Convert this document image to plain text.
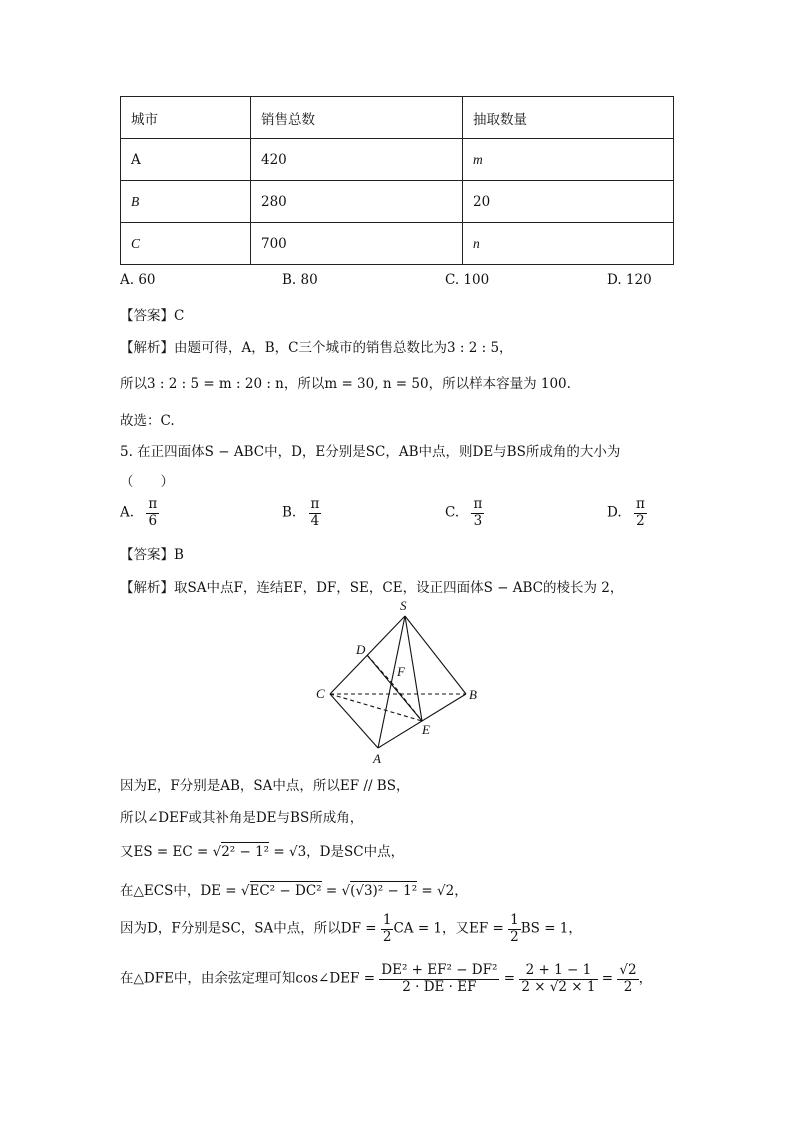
城市	销售总数	抽取数量
A	420	m
B	280	20
C	700	n
A. 60	B. 80	C. 100	D. 120
【答案】C
【解析】由题可得，A，B，C三个城市的销售总数比为3 : 2 : 5，
所以3 : 2 : 5 = m : 20 : n，所以m = 30, n = 50，所以样本容量为 100.
故选：C.
5. 在正四面体S − ABC中，D，E分别是SC，AB中点，则DE与BS所成角的大小为
（　　）
A. $\frac{\pi}{6}$	B. $\frac{\pi}{4}$	C. $\frac{\pi}{3}$	D. $\frac{\pi}{2}$
【答案】B
【解析】取SA中点F，连结EF，DF，SE，CE，设正四面体S − ABC的棱长为 2，
S
D
F
C	B
E
A
因为E，F分别是AB，SA中点，所以EF // BS，
所以∠DEF或其补角是DE与BS所成角，
又ES = EC = √2² − 1² = √3，D是SC中点，
在△ECS中，DE = √EC² − DC² = √(√3)² − 1² = √2，
因为D，F分别是SC，SA中点，所以DF = $\frac{1}{2}$ CA = 1，又EF = $\frac{1}{2}$ BS = 1，
在△DFE中，由余弦定理可知cos∠DEF = $\frac{\text{DE² + EF² − DF²}}{2 \cdot DE \cdot EF} = \frac{2 + 1 - 1}{2 \times √2 \times 1} = \frac{√2}{2}$ ，
